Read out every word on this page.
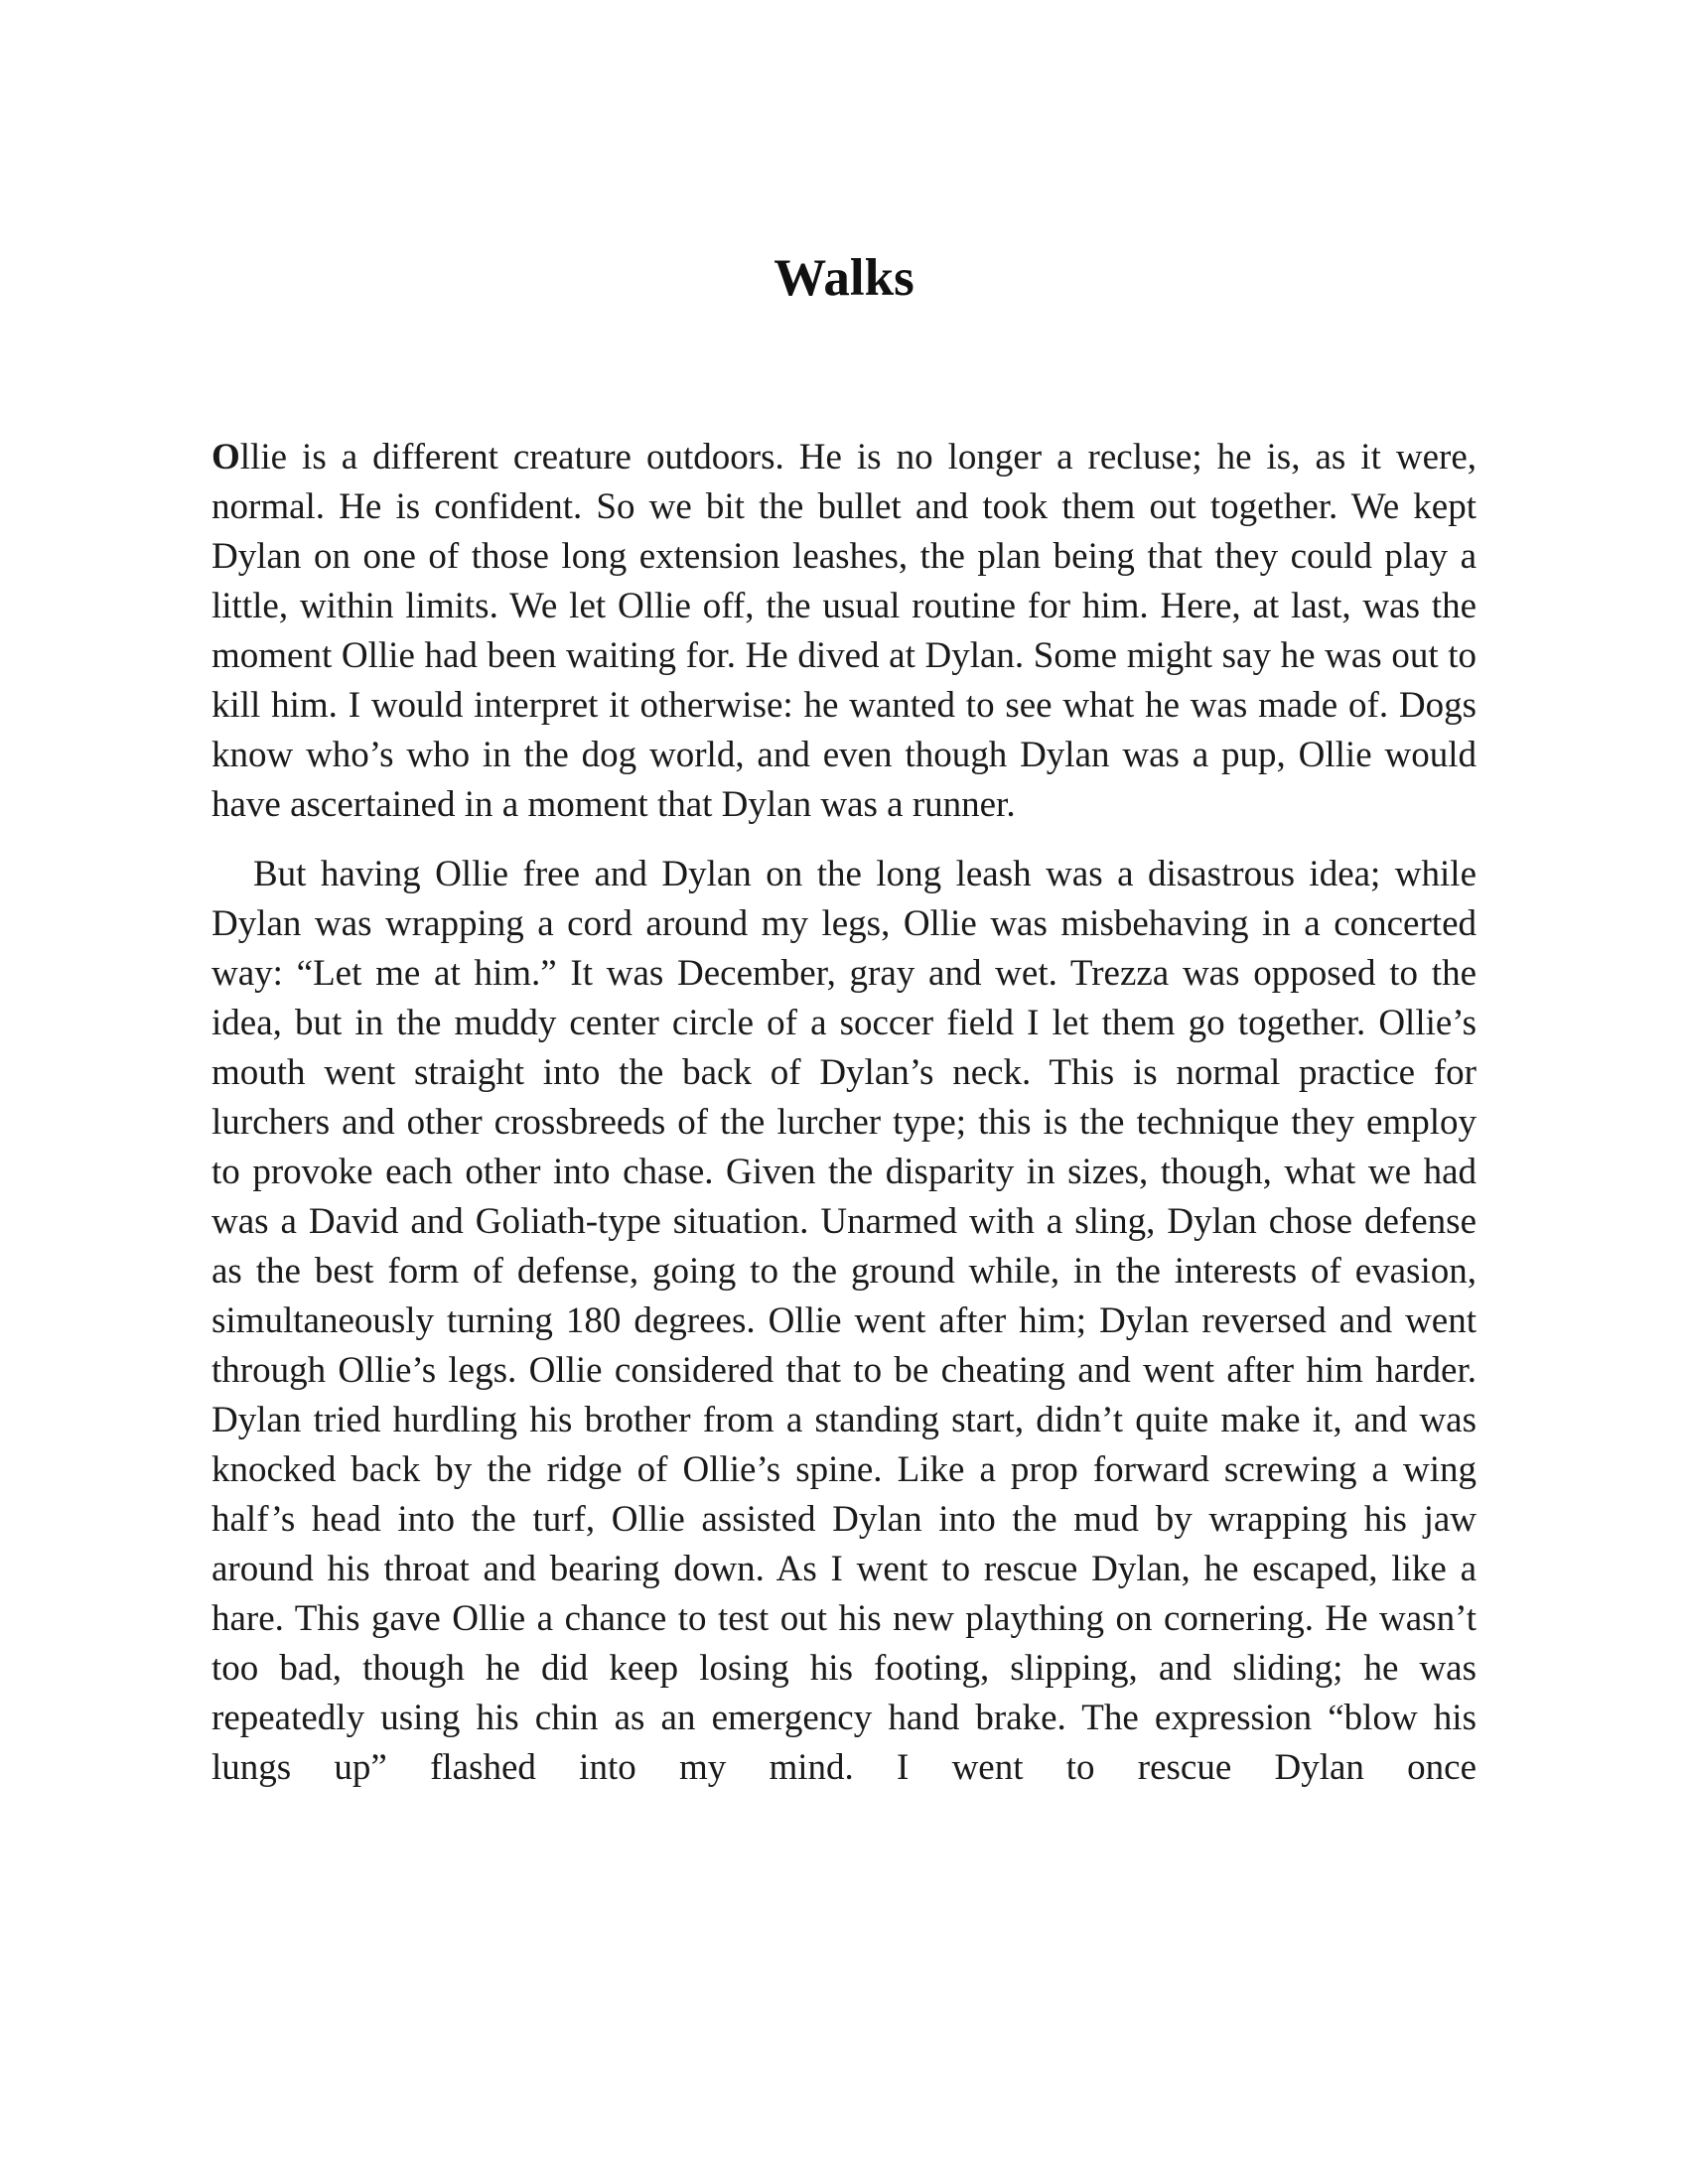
Walks

Ollie is a different creature outdoors. He is no longer a recluse; he is, as it were, normal. He is confident. So we bit the bullet and took them out together. We kept Dylan on one of those long extension leashes, the plan being that they could play a little, within limits. We let Ollie off, the usual routine for him. Here, at last, was the moment Ollie had been waiting for. He dived at Dylan. Some might say he was out to kill him. I would interpret it otherwise: he wanted to see what he was made of. Dogs know who’s who in the dog world, and even though Dylan was a pup, Ollie would have ascertained in a moment that Dylan was a runner.

But having Ollie free and Dylan on the long leash was a disastrous idea; while Dylan was wrapping a cord around my legs, Ollie was misbehaving in a concerted way: “Let me at him.” It was December, gray and wet. Trezza was opposed to the idea, but in the muddy center circle of a soccer field I let them go together. Ollie’s mouth went straight into the back of Dylan’s neck. This is normal practice for lurchers and other crossbreeds of the lurcher type; this is the technique they employ to provoke each other into chase. Given the disparity in sizes, though, what we had was a David and Goliath-type situation. Unarmed with a sling, Dylan chose defense as the best form of defense, going to the ground while, in the interests of evasion, simultaneously turning 180 degrees. Ollie went after him; Dylan reversed and went through Ollie’s legs. Ollie considered that to be cheating and went after him harder. Dylan tried hurdling his brother from a standing start, didn’t quite make it, and was knocked back by the ridge of Ollie’s spine. Like a prop forward screwing a wing half’s head into the turf, Ollie assisted Dylan into the mud by wrapping his jaw around his throat and bearing down. As I went to rescue Dylan, he escaped, like a hare. This gave Ollie a chance to test out his new plaything on cornering. He wasn’t too bad, though he did keep losing his footing, slipping, and sliding; he was repeatedly using his chin as an emergency hand brake. The expression “blow his lungs up” flashed into my mind. I went to rescue Dylan once
